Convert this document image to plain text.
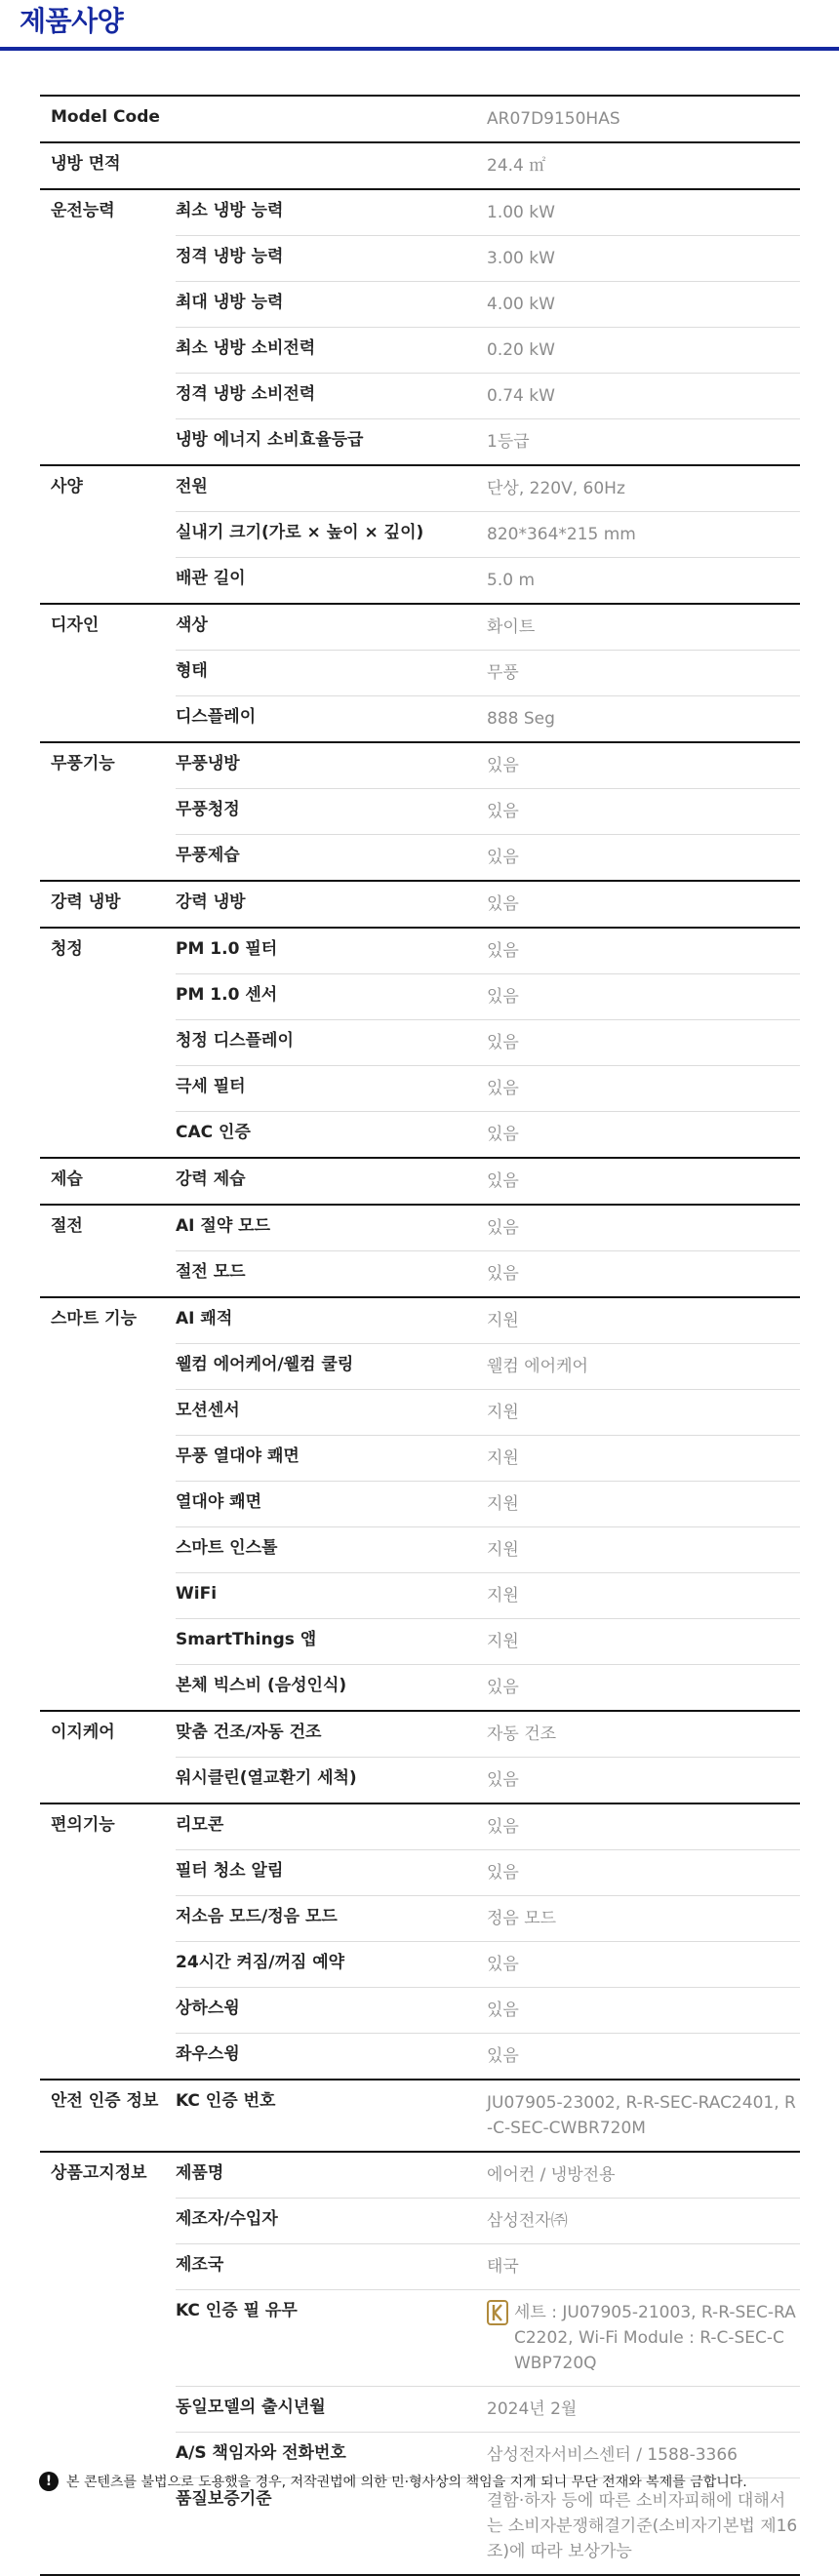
제품사양
Model Code	AR07D9150HAS
냉방 면적	24.4 ㎡
운전능력	최소 냉방 능력	1.00 kW
정격 냉방 능력	3.00 kW
최대 냉방 능력	4.00 kW
최소 냉방 소비전력	0.20 kW
정격 냉방 소비전력	0.74 kW
냉방 에너지 소비효율등급	1등급
사양	전원	단상, 220V, 60Hz
실내기 크기(가로 × 높이 × 깊이)	820*364*215 mm
배관 길이	5.0 m
디자인	색상	화이트
형태	무풍
디스플레이	888 Seg
무풍기능	무풍냉방	있음
무풍청정	있음
무풍제습	있음
강력 냉방	강력 냉방	있음
청정	PM 1.0 필터	있음
PM 1.0 센서	있음
청정 디스플레이	있음
극세 필터	있음
CAC 인증	있음
제습	강력 제습	있음
절전	AI 절약 모드	있음
절전 모드	있음
스마트 기능	AI 쾌적	지원
웰컴 에어케어/웰컴 쿨링	웰컴 에어케어
모션센서	지원
무풍 열대야 쾌면	지원
열대야 쾌면	지원
스마트 인스톨	지원
WiFi	지원
SmartThings 앱	지원
본체 빅스비 (음성인식)	있음
이지케어	맞춤 건조/자동 건조	자동 건조
워시클린(열교환기 세척)	있음
편의기능	리모콘	있음
필터 청소 알림	있음
저소음 모드/정음 모드	정음 모드
24시간 켜짐/꺼짐 예약	있음
상하스윙	있음
좌우스윙	있음
안전 인증 정보	KC 인증 번호	JU07905-23002, R-R-SEC-RAC2401, R-C-SEC-CWBR720M
상품고지정보	제품명	에어컨 / 냉방전용
제조자/수입자	삼성전자㈜
제조국	태국
KC 인증 필 유무	세트 : JU07905-21003, R-R-SEC-RAC2202, Wi-Fi Module : R-C-SEC-CWBP720Q
동일모델의 출시년월	2024년 2월
A/S 책임자와 전화번호	삼성전자서비스센터 / 1588-3366
품질보증기준	결함·하자 등에 따른 소비자피해에 대해서는 소비자분쟁해결기준(소비자기본법 제16조)에 따라 보상가능
!	본 콘텐츠를 불법으로 도용했을 경우, 저작권법에 의한 민·형사상의 책임을 지게 되니 무단 전재와 복제를 금합니다.
